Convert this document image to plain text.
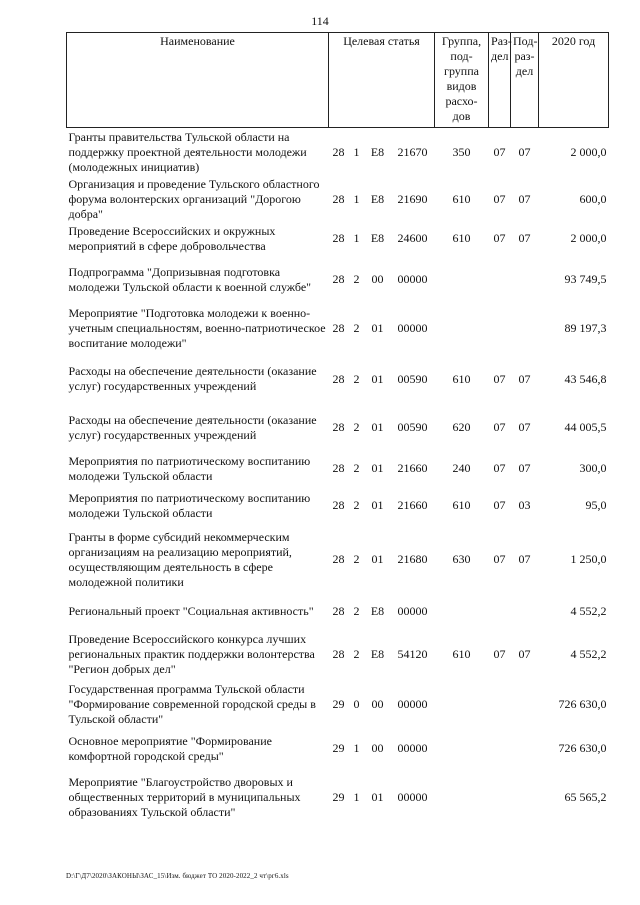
114
Наименование	Целевая статья				Группа, под- группа видов расхо- дов	Раз- дел	Под- раз- дел	2020 год
Гранты правительства Тульской области на поддержку проектной деятельности молодежи (молодежных инициатив)	28	1	Е8	21670	350	07	07	2 000,0
Организация и проведение Тульского областного форума волонтерских организаций "Дорогою добра"	28	1	Е8	21690	610	07	07	600,0
Проведение Всероссийских и окружных мероприятий в сфере добровольчества	28	1	Е8	24600	610	07	07	2 000,0
Подпрограмма "Допризывная подготовка молодежи Тульской области к военной службе"	28	2	00	00000				93 749,5
Мероприятие "Подготовка молодежи к военно-учетным специальностям, военно-патриотическое воспитание молодежи"	28	2	01	00000				89 197,3
Расходы на обеспечение деятельности (оказание услуг) государственных учреждений	28	2	01	00590	610	07	07	43 546,8
Расходы на обеспечение деятельности (оказание услуг) государственных учреждений	28	2	01	00590	620	07	07	44 005,5
Мероприятия по патриотическому воспитанию молодежи Тульской области	28	2	01	21660	240	07	07	300,0
Мероприятия по патриотическому воспитанию молодежи Тульской области	28	2	01	21660	610	07	03	95,0
Гранты в форме субсидий некоммерческим организациям на реализацию мероприятий, осуществляющим деятельность в сфере молодежной политики	28	2	01	21680	630	07	07	1 250,0
Региональный проект "Социальная активность"	28	2	Е8	00000				4 552,2
Проведение Всероссийского конкурса лучших региональных практик поддержки волонтерства "Регион добрых дел"	28	2	Е8	54120	610	07	07	4 552,2
Государственная программа Тульской области "Формирование современной городской среды в Тульской области"	29	0	00	00000				726 630,0
Основное мероприятие "Формирование комфортной городской среды"	29	1	00	00000				726 630,0
Мероприятие "Благоустройство дворовых и общественных территорий в муниципальных образованиях Тульской области"	29	1	01	00000				65 565,2
D:\Г\Д7\2020\ЗАКОНЫ\ЗАС_15\Изм. бюджет ТО 2020-2022_2 чт\рг6.xls
